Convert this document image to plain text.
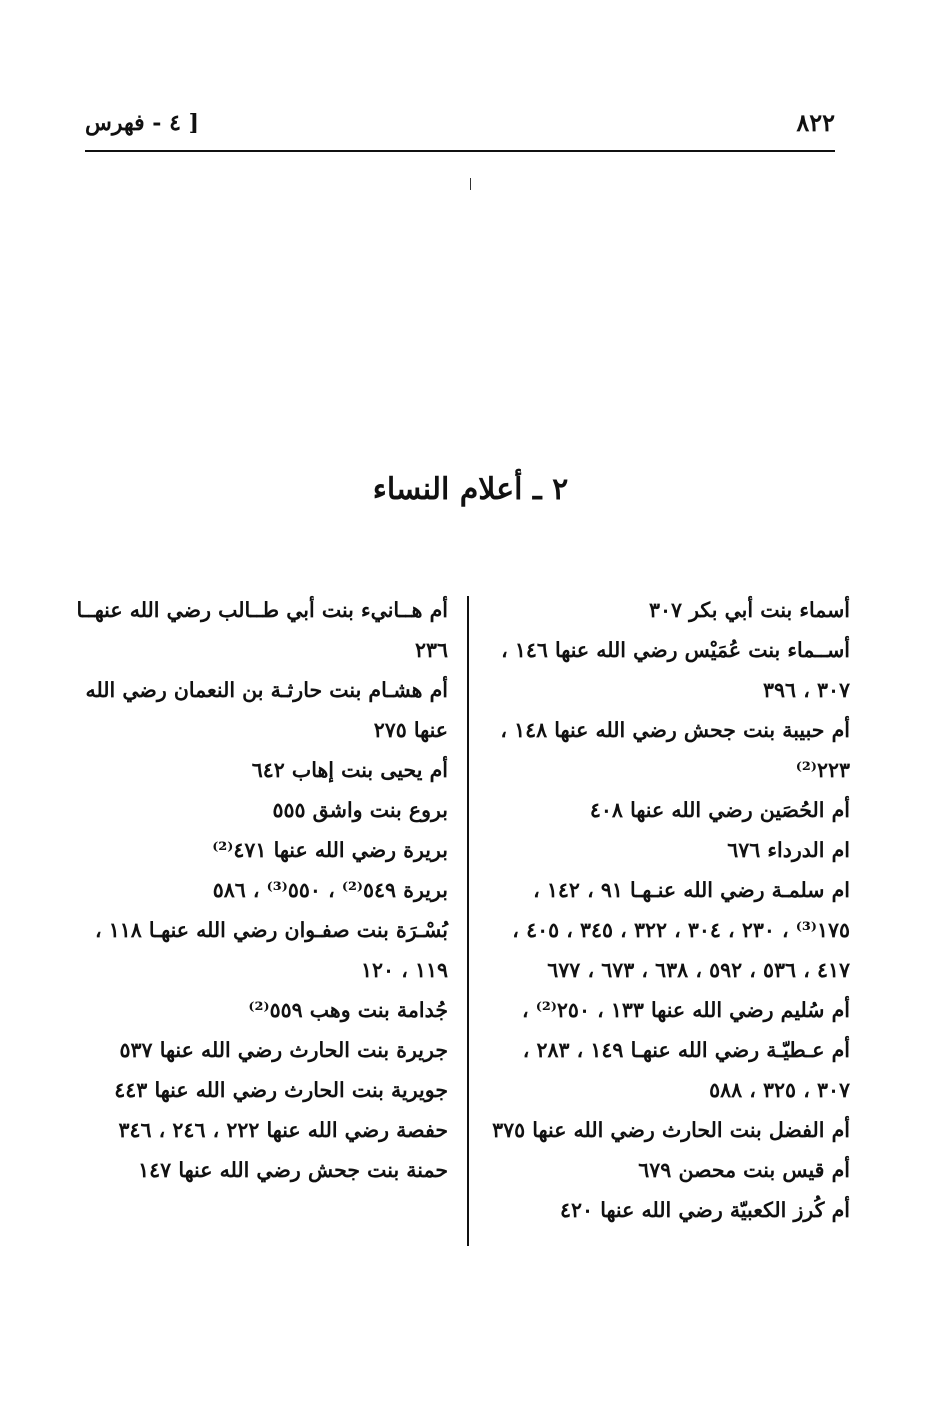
٨٢٢
[ ٤ - فهرس
٢ ـ أعلام النساء

أسماء بنت أبي بكر ٣٠٧

أســماء بنت عُمَيْس رضي الله عنها ١٤٦ ، ٣٠٧ ، ٣٩٦

أم حبيبة بنت جحش رضي الله عنها ١٤٨ ، ٢٢٣⁽²⁾

أم الحُصَين رضي الله عنها ٤٠٨

ام الدرداء ٦٧٦

ام سلمـة رضي الله عنـهـا ٩١ ، ١٤٢ ، ١٧٥⁽³⁾ ، ٢٣٠ ، ٣٠٤ ، ٣٢٢ ، ٣٤٥ ، ٤٠٥ ، ٤١٧ ، ٥٣٦ ، ٥٩٢ ، ٦٣٨ ، ٦٧٣ ، ٦٧٧

أم سُليم رضي الله عنها ١٣٣ ، ٢٥٠⁽²⁾ ،

أم عـطيّـة رضي الله عنهـا ١٤٩ ، ٢٨٣ ، ٣٠٧ ، ٣٢٥ ، ٥٨٨

أم الفضل بنت الحارث رضي الله عنها ٣٧٥

أم قيس بنت محصن ٦٧٩

أم كُرز الكعبيّة رضي الله عنها ٤٢٠

أم هــانيء بنت أبي طــالب رضي الله عنهــا ٢٣٦

أم هشـام بنت حارثـة بن النعمان رضي الله عنها ٢٧٥

أم يحيى بنت إهاب ٦٤٢

بروع بنت واشق ٥٥٥

بريرة رضي الله عنها ٤٧١⁽²⁾

بريرة ٥٤٩⁽²⁾ ، ٥٥٠⁽³⁾ ، ٥٨٦

بُسْـرَة بنت صفـوان رضي الله عنهـا ١١٨ ، ١١٩ ، ١٢٠

جُدامة بنت وهب ٥٥٩⁽²⁾

جريرة بنت الحارث رضي الله عنها ٥٣٧

جويرية بنت الحارث رضي الله عنها ٤٤٣

حفصة رضي الله عنها ٢٢٢ ، ٢٤٦ ، ٣٤٦

حمنة بنت جحش رضي الله عنها ١٤٧
